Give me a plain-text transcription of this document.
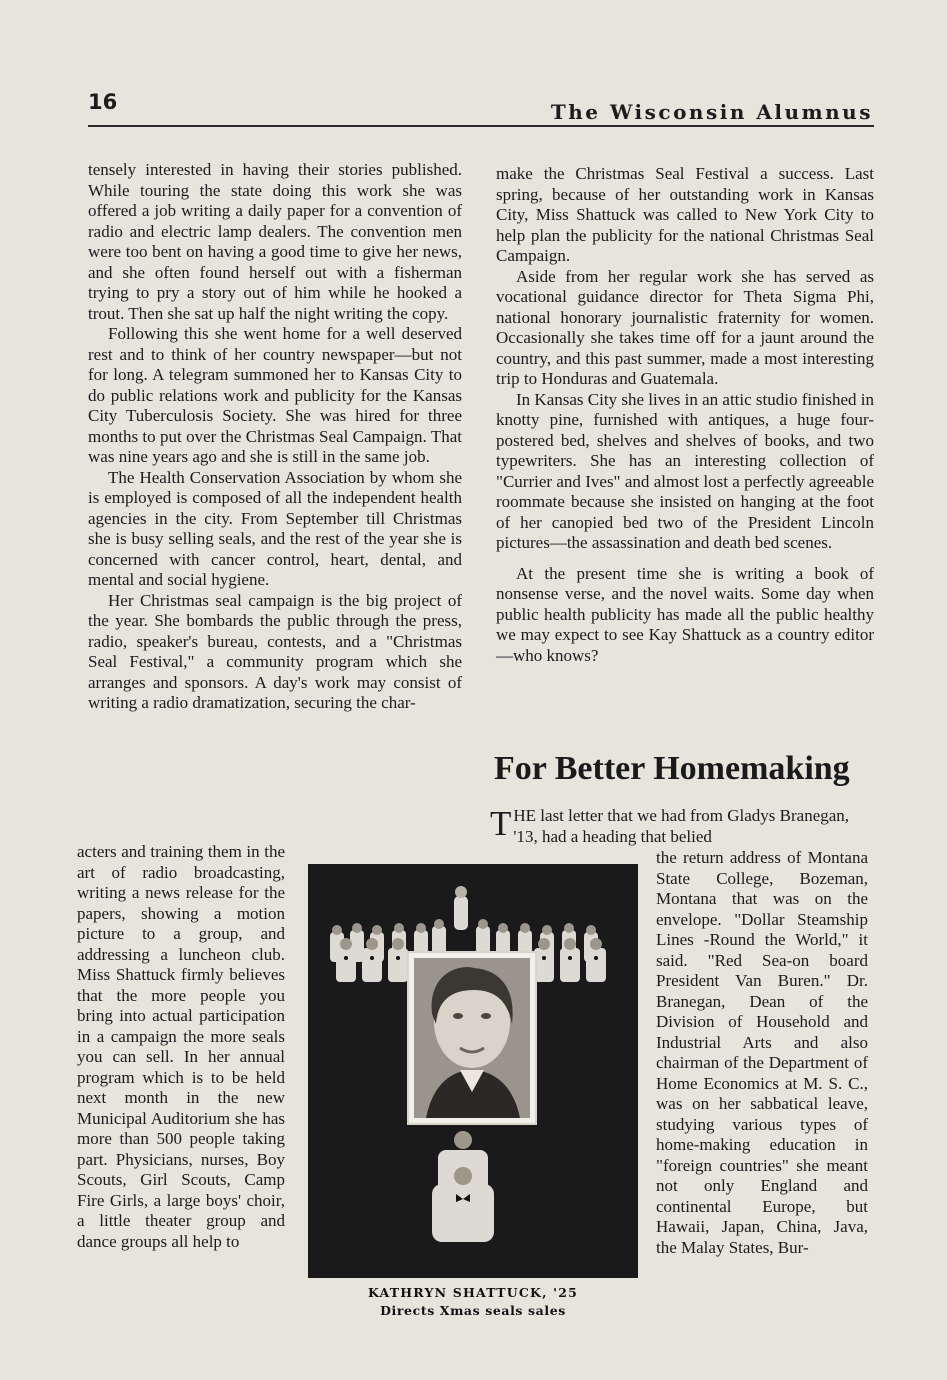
16	The Wisconsin Alumnus

tensely interested in having their stories published. While touring the state doing this work she was offered a job writing a daily paper for a convention of radio and electric lamp dealers. The convention men were too bent on having a good time to give her news, and she often found herself out with a fisherman trying to pry a story out of him while he hooked a trout. Then she sat up half the night writing the copy.

Following this she went home for a well deserved rest and to think of her country newspaper—but not for long. A telegram summoned her to Kansas City to do public relations work and publicity for the Kansas City Tuberculosis Society. She was hired for three months to put over the Christmas Seal Campaign. That was nine years ago and she is still in the same job.

The Health Conservation Association by whom she is employed is composed of all the independent health agencies in the city. From September till Christmas she is busy selling seals, and the rest of the year she is concerned with cancer control, heart, dental, and mental and social hygiene.

Her Christmas seal campaign is the big project of the year. She bombards the public through the press, radio, speaker's bureau, contests, and a "Christmas Seal Festival," a community program which she arranges and sponsors. A day's work may consist of writing a radio dramatization, securing the char-

acters and training them in the art of radio broadcasting, writing a news release for the papers, showing a motion picture to a group, and addressing a luncheon club. Miss Shattuck firmly believes that the more people you bring into actual participation in a campaign the more seals you can sell. In her annual program which is to be held next month in the new Municipal Auditorium she has more than 500 people taking part. Physicians, nurses, Boy Scouts, Girl Scouts, Camp Fire Girls, a large boys' choir, a little theater group and dance groups all help to

make the Christmas Seal Festival a success. Last spring, because of her outstanding work in Kansas City, Miss Shattuck was called to New York City to help plan the publicity for the national Christmas Seal Campaign.

Aside from her regular work she has served as vocational guidance director for Theta Sigma Phi, national honorary journalistic fraternity for women. Occasionally she takes time off for a jaunt around the country, and this past summer, made a most interesting trip to Honduras and Guatemala.

In Kansas City she lives in an attic studio finished in knotty pine, furnished with antiques, a huge four-postered bed, shelves and shelves of books, and two typewriters. She has an interesting collection of "Currier and Ives" and almost lost a perfectly agreeable roommate because she insisted on hanging at the foot of her canopied bed two of the President Lincoln pictures—the assassination and death bed scenes.

At the present time she is writing a book of nonsense verse, and the novel waits. Some day when public health publicity has made all the public healthy we may expect to see Kay Shattuck as a country editor—who knows?

For Better Homemaking

THE last letter that we had from Gladys Branegan, '13, had a heading that belied

the return address of Montana State College, Bozeman, Montana that was on the envelope. "Dollar Steamship Lines -Round the World," it said. "Red Sea-on board President Van Buren." Dr. Branegan, Dean of the Division of Household and Industrial Arts and also chairman of the Department of Home Economics at M. S. C., was on her sabbatical leave, studying various types of home-making education in "foreign countries" she meant not only England and continental Europe, but Hawaii, Japan, China, Java, the Malay States, Bur-

KATHRYN SHATTUCK, '25
Directs Xmas seals sales
